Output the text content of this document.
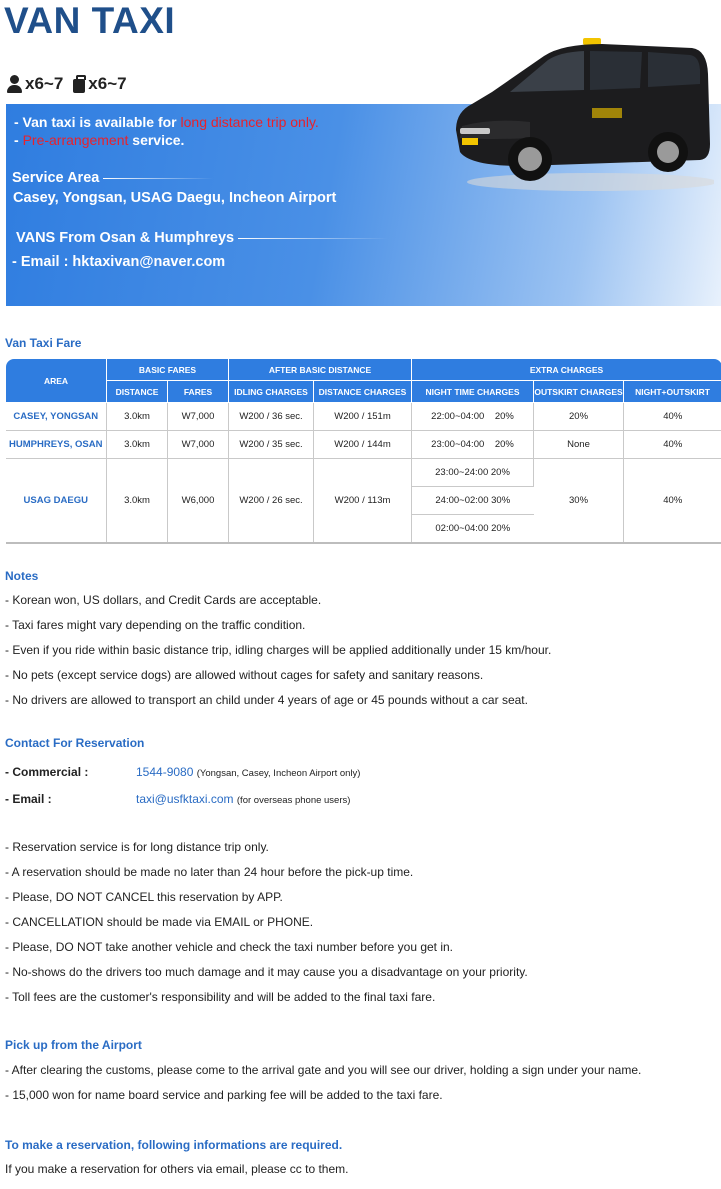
VAN TAXI
x6~7 x6~7
- Van taxi is available for long distance trip only.
- Pre-arrangement service.
Service Area
Casey, Yongsan, USAG Daegu, Incheon Airport
VANS From Osan & Humphreys
- Email : hktaxivan@naver.com
Van Taxi Fare
AREA	BASIC FARES		AFTER BASIC DISTANCE		EXTRA CHARGES		
	DISTANCE	FARES	IDLING CHARGES	DISTANCE CHARGES	NIGHT TIME CHARGES	OUTSKIRT CHARGES	NIGHT+OUTSKIRT
CASEY, YONGSAN	3.0km	W7,000	W200 / 36 sec.	W200 / 151m	22:00~04:00    20%	20%	40%
HUMPHREYS, OSAN	3.0km	W7,000	W200 / 35 sec.	W200 / 144m	23:00~04:00    20%	None	40%
USAG DAEGU	3.0km	W6,000	W200 / 26 sec.	W200 / 113m	23:00~24:00 20%	30%	40%
					24:00~02:00 30%		
					02:00~04:00 20%		
Notes
- Korean won, US dollars, and Credit Cards are acceptable.
- Taxi fares might vary depending on the traffic condition.
- Even if you ride within basic distance trip, idling charges will be applied additionally under 15 km/hour.
- No pets (except service dogs) are allowed without cages for safety and sanitary reasons.
- No drivers are allowed to transport an child under 4 years of age or 45 pounds without a car seat.
Contact For Reservation
- Commercial :	1544-9080 (Yongsan, Casey, Incheon Airport only)
- Email :	taxi@usfktaxi.com (for overseas phone users)
- Reservation service is for long distance trip only.
- A reservation should be made no later than 24 hour before the pick-up time.
- Please, DO NOT CANCEL this reservation by APP.
- CANCELLATION should be made via EMAIL or PHONE.
- Please, DO NOT take another vehicle and check the taxi number before you get in.
- No-shows do the drivers too much damage and it may cause you a disadvantage on your priority.
- Toll fees are the customer's responsibility and will be added to the final taxi fare.
Pick up from the Airport
- After clearing the customs, please come to the arrival gate and you will see our driver, holding a sign under your name.
- 15,000 won for name board service and parking fee will be added to the taxi fare.
To make a reservation, following informations are required.
If you make a reservation for others via email, please cc to them.
